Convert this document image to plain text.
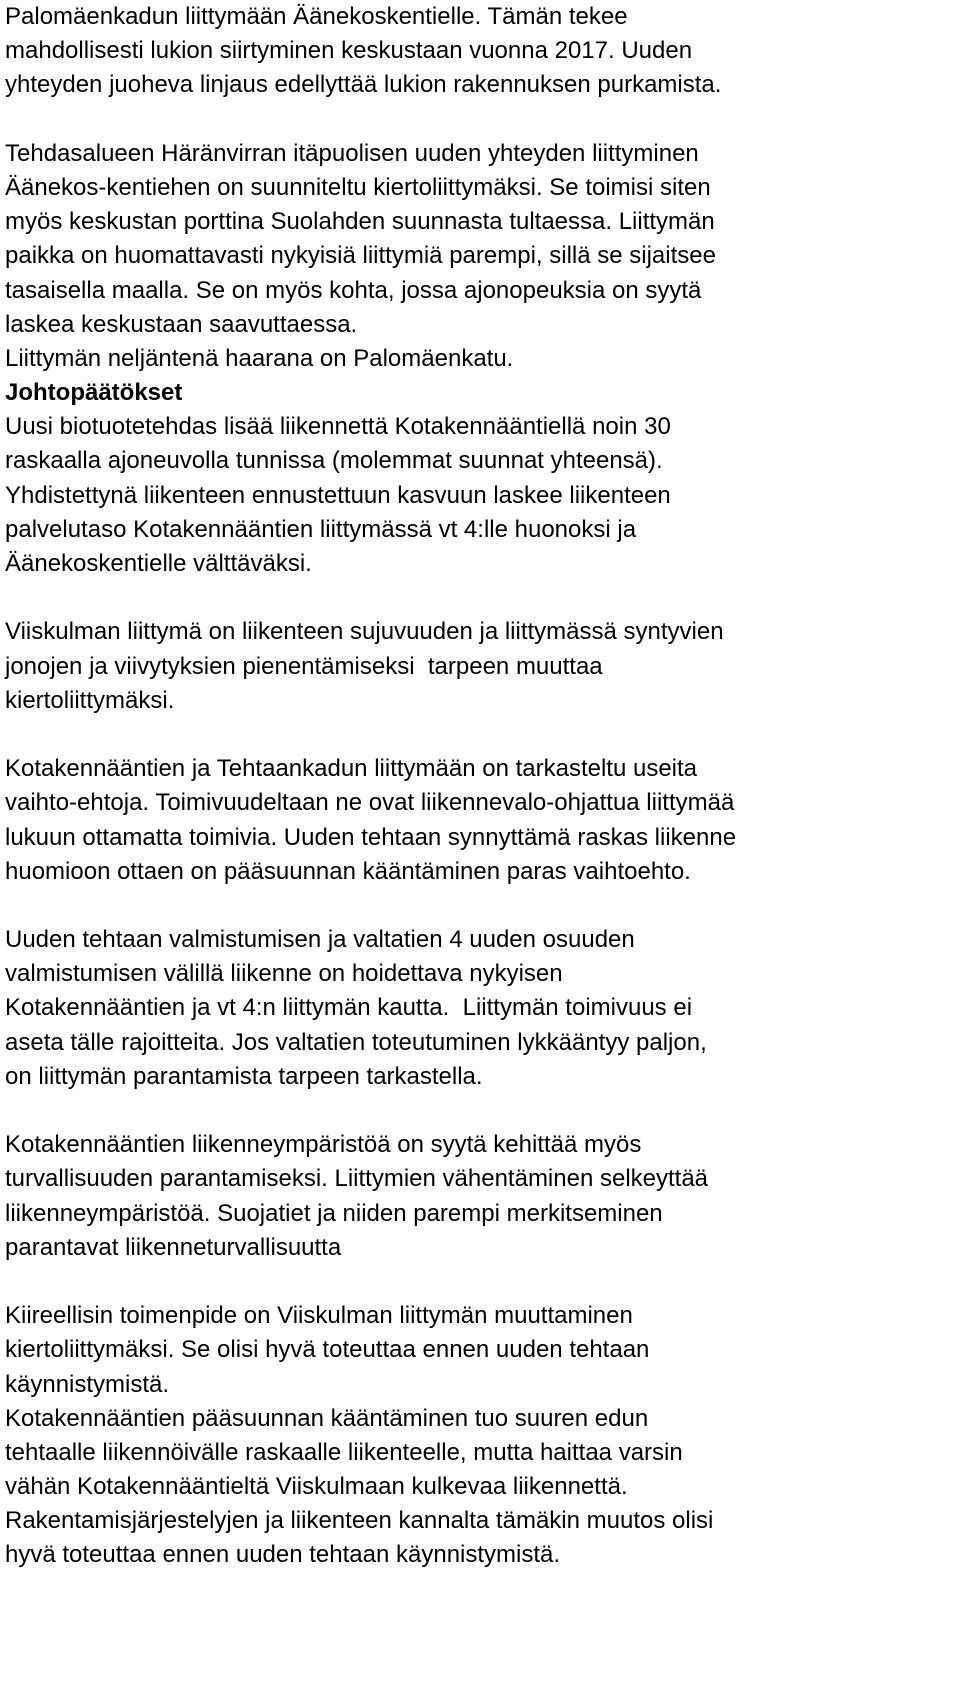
Palomäenkadun liittymään Äänekoskentielle. Tämän tekee
mahdollisesti lukion siirtyminen keskustaan vuonna 2017. Uuden
yhteyden juoheva linjaus edellyttää lukion rakennuksen purkamista.
Tehdasalueen Häränvirran itäpuolisen uuden yhteyden liittyminen
Äänekos-kentiehen on suunniteltu kiertoliittymäksi. Se toimisi siten
myös keskustan porttina Suolahden suunnasta tultaessa. Liittymän
paikka on huomattavasti nykyisiä liittymiä parempi, sillä se sijaitsee
tasaisella maalla. Se on myös kohta, jossa ajonopeuksia on syytä
laskea keskustaan saavuttaessa.
Liittymän neljäntenä haarana on Palomäenkatu.
Johtopäätökset
Uusi biotuotetehdas lisää liikennettä Kotakennääntiellä noin 30
raskaalla ajoneuvolla tunnissa (molemmat suunnat yhteensä).
Yhdistettynä liikenteen ennustettuun kasvuun laskee liikenteen
palvelutaso Kotakennääntien liittymässä vt 4:lle huonoksi ja
Äänekoskentielle välttäväksi.
Viiskulman liittymä on liikenteen sujuvuuden ja liittymässä syntyvien
jonojen ja viivytyksien pienentämiseksi  tarpeen muuttaa
kiertoliittymäksi.
Kotakennääntien ja Tehtaankadun liittymään on tarkasteltu useita
vaihto-ehtoja. Toimivuudeltaan ne ovat liikennevalo-ohjattua liittymää
lukuun ottamatta toimivia. Uuden tehtaan synnyttämä raskas liikenne
huomioon ottaen on pääsuunnan kääntäminen paras vaihtoehto.
Uuden tehtaan valmistumisen ja valtatien 4 uuden osuuden
valmistumisen välillä liikenne on hoidettava nykyisen
Kotakennääntien ja vt 4:n liittymän kautta.  Liittymän toimivuus ei
aseta tälle rajoitteita. Jos valtatien toteutuminen lykkääntyy paljon,
on liittymän parantamista tarpeen tarkastella.
Kotakennääntien liikenneympäristöä on syytä kehittää myös
turvallisuuden parantamiseksi. Liittymien vähentäminen selkeyttää
liikenneympäristöä. Suojatiet ja niiden parempi merkitseminen
parantavat liikenneturvallisuutta
Kiireellisin toimenpide on Viiskulman liittymän muuttaminen
kiertoliittymäksi. Se olisi hyvä toteuttaa ennen uuden tehtaan
käynnistymistä.
Kotakennääntien pääsuunnan kääntäminen tuo suuren edun
tehtaalle liikennöivälle raskaalle liikenteelle, mutta haittaa varsin
vähän Kotakennääntieltä Viiskulmaan kulkevaa liikennettä.
Rakentamisjärjestelyjen ja liikenteen kannalta tämäkin muutos olisi
hyvä toteuttaa ennen uuden tehtaan käynnistymistä.
